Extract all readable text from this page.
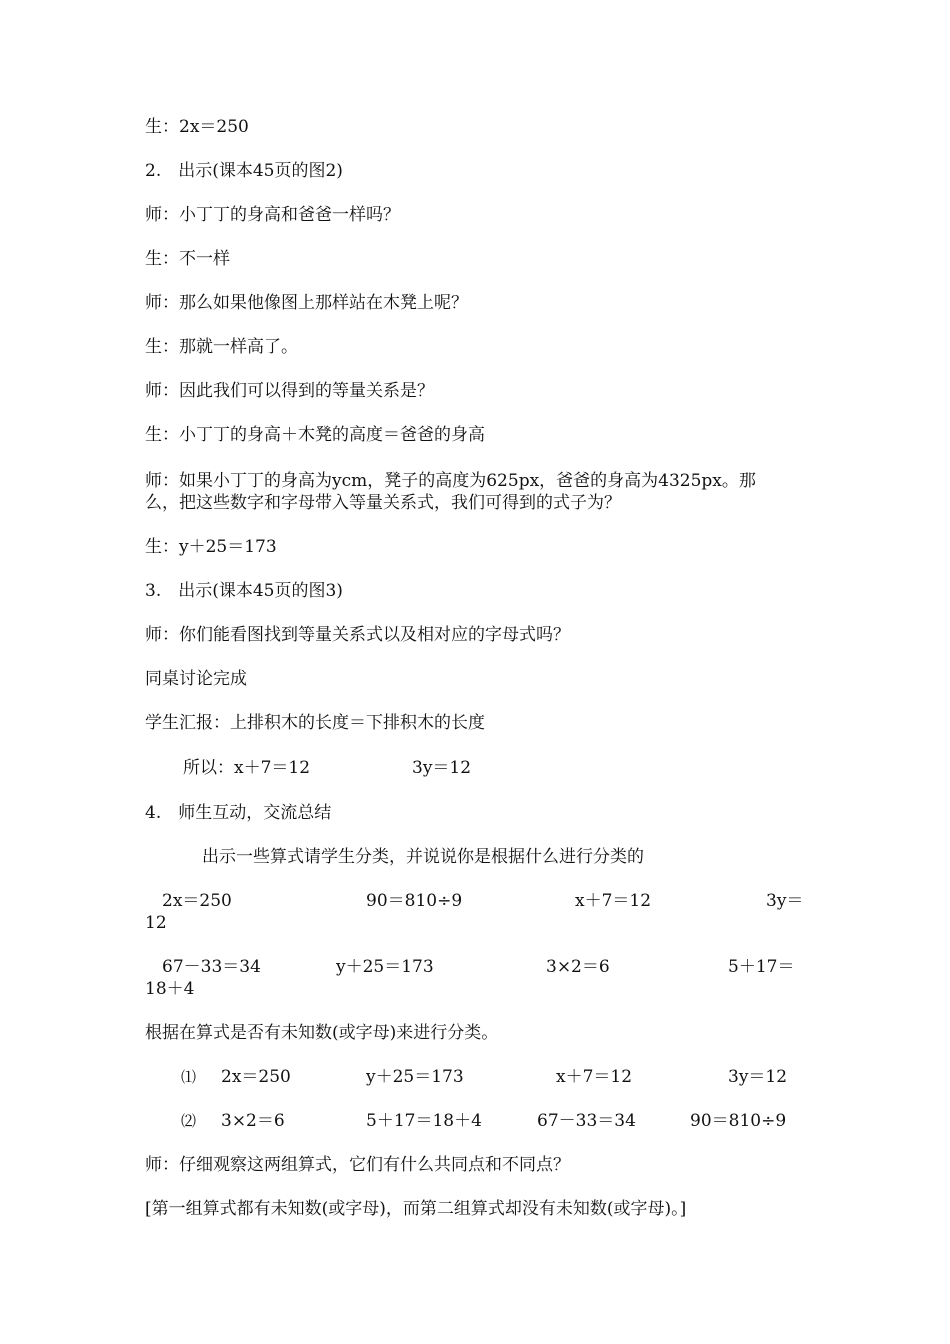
生：2x＝250

2.　出示(课本45页的图2)

师：小丁丁的身高和爸爸一样吗？

生：不一样

师：那么如果他像图上那样站在木凳上呢？

生：那就一样高了。

师：因此我们可以得到的等量关系是？

生：小丁丁的身高＋木凳的高度＝爸爸的身高

师：如果小丁丁的身高为ycm，凳子的高度为625px，爸爸的身高为4325px。那

么，把这些数字和字母带入等量关系式，我们可得到的式子为？

生：y＋25＝173

3.　出示(课本45页的图3)

师：你们能看图找到等量关系式以及相对应的字母式吗？

同桌讨论完成

学生汇报：上排积木的长度＝下排积木的长度

所以：x＋7＝12	3y＝12

4.　师生互动，交流总结

出示一些算式请学生分类，并说说你是根据什么进行分类的

2x＝250	90＝810÷9	x＋7＝12	3y＝
12
67－33＝34	y＋25＝173	3×2＝6	5＋17＝
18＋4

根据在算式是否有未知数(或字母)来进行分类。

⑴ 2x＝250	y＋25＝173	x＋7＝12	3y＝12
⑵ 3×2＝6	5＋17＝18＋4	67－33＝34	90＝810÷9

师：仔细观察这两组算式，它们有什么共同点和不同点？

[第一组算式都有未知数(或字母)，而第二组算式却没有未知数(或字母)。]
